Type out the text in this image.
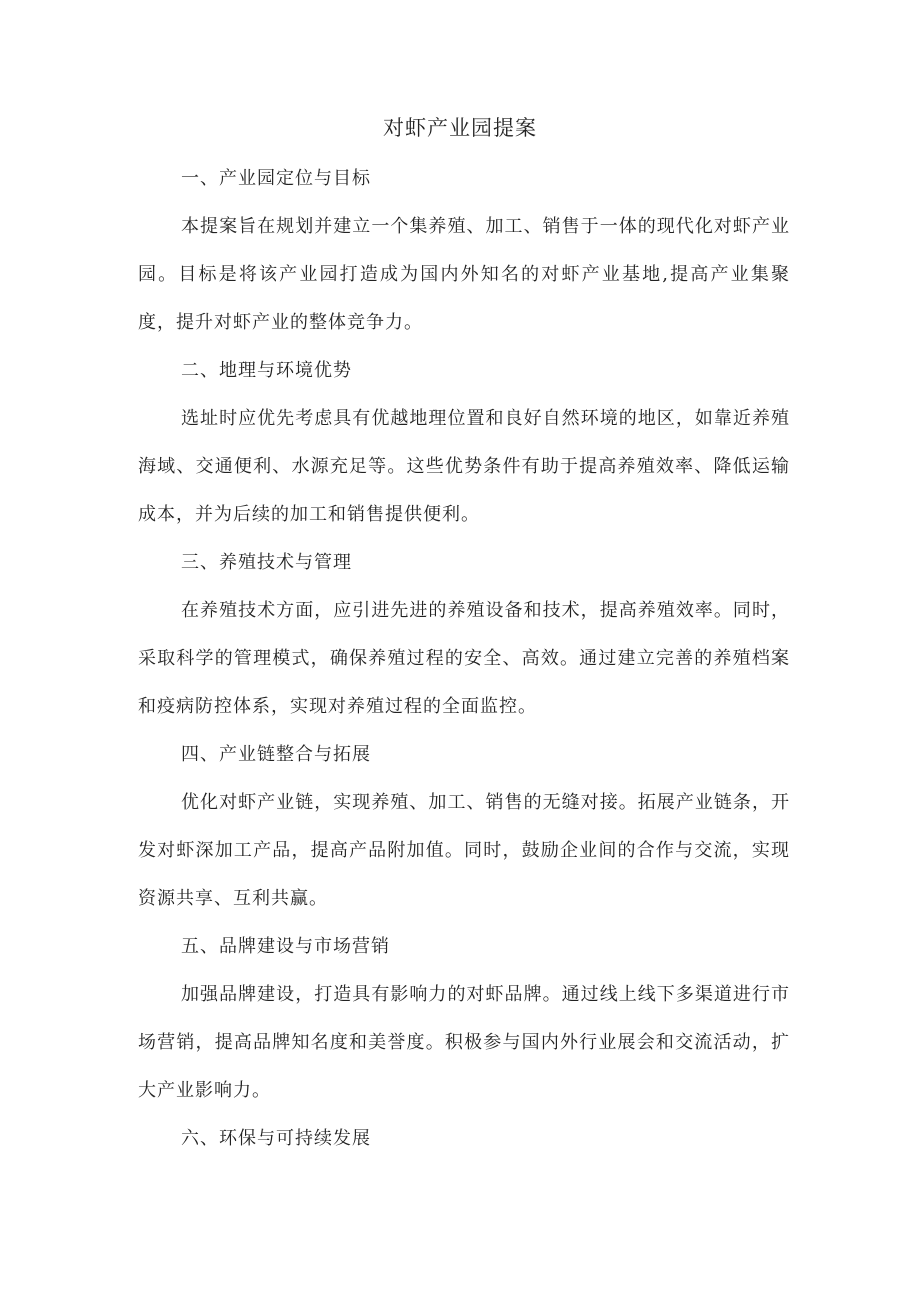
对虾产业园提案

一、产业园定位与目标

本提案旨在规划并建立一个集养殖、加工、销售于一体的现代化对虾产业园。目标是将该产业园打造成为国内外知名的对虾产业基地,提高产业集聚度，提升对虾产业的整体竞争力。

二、地理与环境优势

选址时应优先考虑具有优越地理位置和良好自然环境的地区，如靠近养殖海域、交通便利、水源充足等。这些优势条件有助于提高养殖效率、降低运输成本，并为后续的加工和销售提供便利。

三、养殖技术与管理

在养殖技术方面，应引进先进的养殖设备和技术，提高养殖效率。同时，采取科学的管理模式，确保养殖过程的安全、高效。通过建立完善的养殖档案和疫病防控体系，实现对养殖过程的全面监控。

四、产业链整合与拓展

优化对虾产业链，实现养殖、加工、销售的无缝对接。拓展产业链条，开发对虾深加工产品，提高产品附加值。同时，鼓励企业间的合作与交流，实现资源共享、互利共赢。

五、品牌建设与市场营销

加强品牌建设，打造具有影响力的对虾品牌。通过线上线下多渠道进行市场营销，提高品牌知名度和美誉度。积极参与国内外行业展会和交流活动，扩大产业影响力。

六、环保与可持续发展
